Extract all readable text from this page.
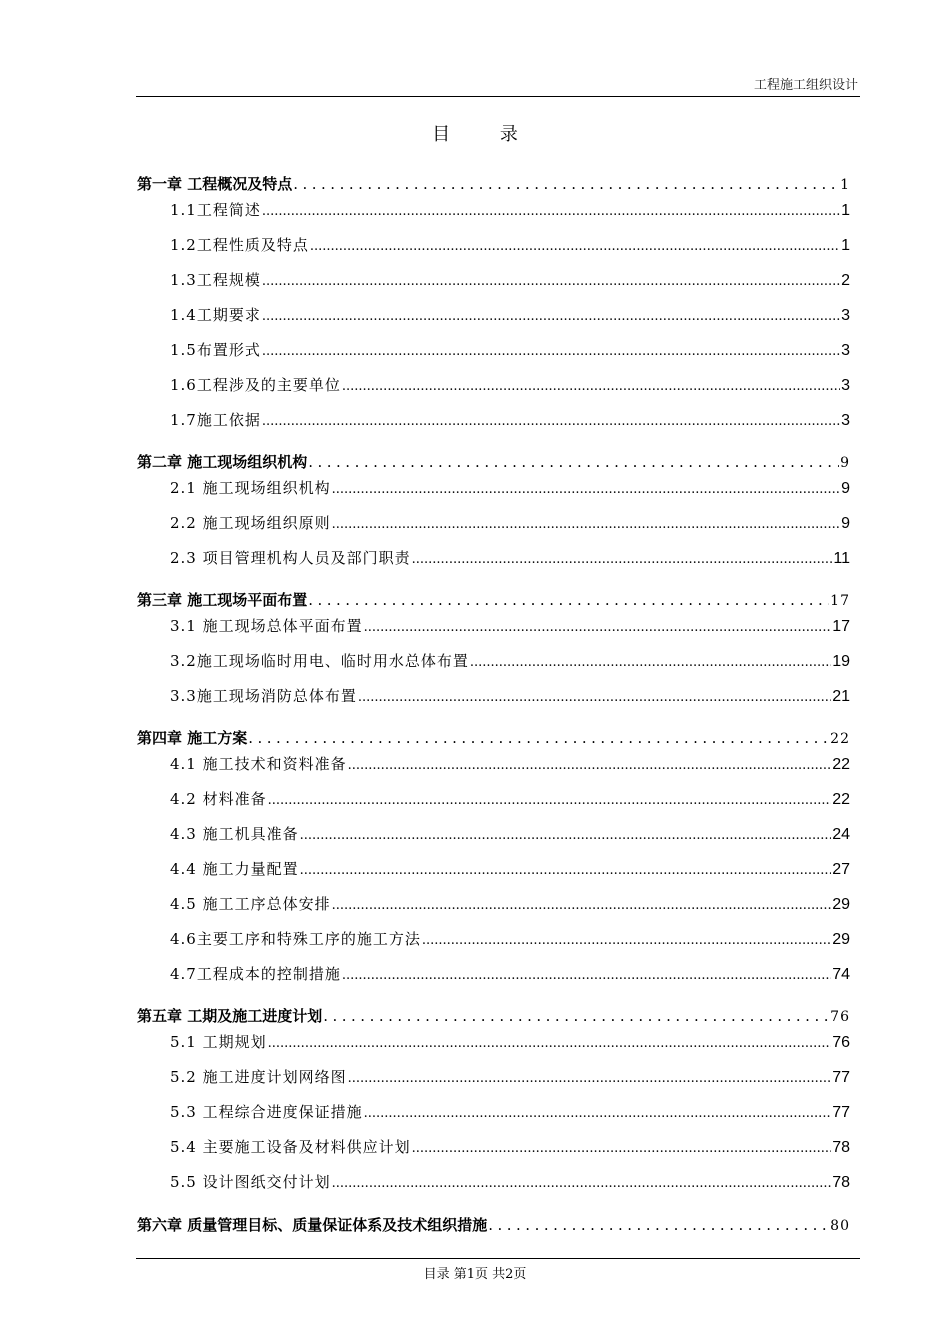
工程施工组织设计
目 录
第一章 工程概况及特点 .....	1
1.1工程简述 .....	1
1.2工程性质及特点 .....	1
1.3工程规模 .....	2
1.4工期要求 .....	3
1.5布置形式 .....	3
1.6工程涉及的主要单位 .....	3
1.7施工依据 .....	3
第二章 施工现场组织机构 .....	9
2.1 施工现场组织机构 .....	9
2.2 施工现场组织原则 .....	9
2.3 项目管理机构人员及部门职责 .....	11
第三章 施工现场平面布置 .....	17
3.1 施工现场总体平面布置 .....	17
3.2施工现场临时用电、临时用水总体布置 .....	19
3.3施工现场消防总体布置 .....	21
第四章 施工方案 .....	22
4.1 施工技术和资料准备 .....	22
4.2 材料准备 .....	22
4.3 施工机具准备 .....	24
4.4 施工力量配置 .....	27
4.5 施工工序总体安排 .....	29
4.6主要工序和特殊工序的施工方法 .....	29
4.7工程成本的控制措施 .....	74
第五章 工期及施工进度计划 .....	76
5.1 工期规划 .....	76
5.2 施工进度计划网络图 .....	77
5.3 工程综合进度保证措施 .....	77
5.4 主要施工设备及材料供应计划 .....	78
5.5 设计图纸交付计划 .....	78
第六章 质量管理目标、质量保证体系及技术组织措施 .....	80
目录 第1页 共2页
